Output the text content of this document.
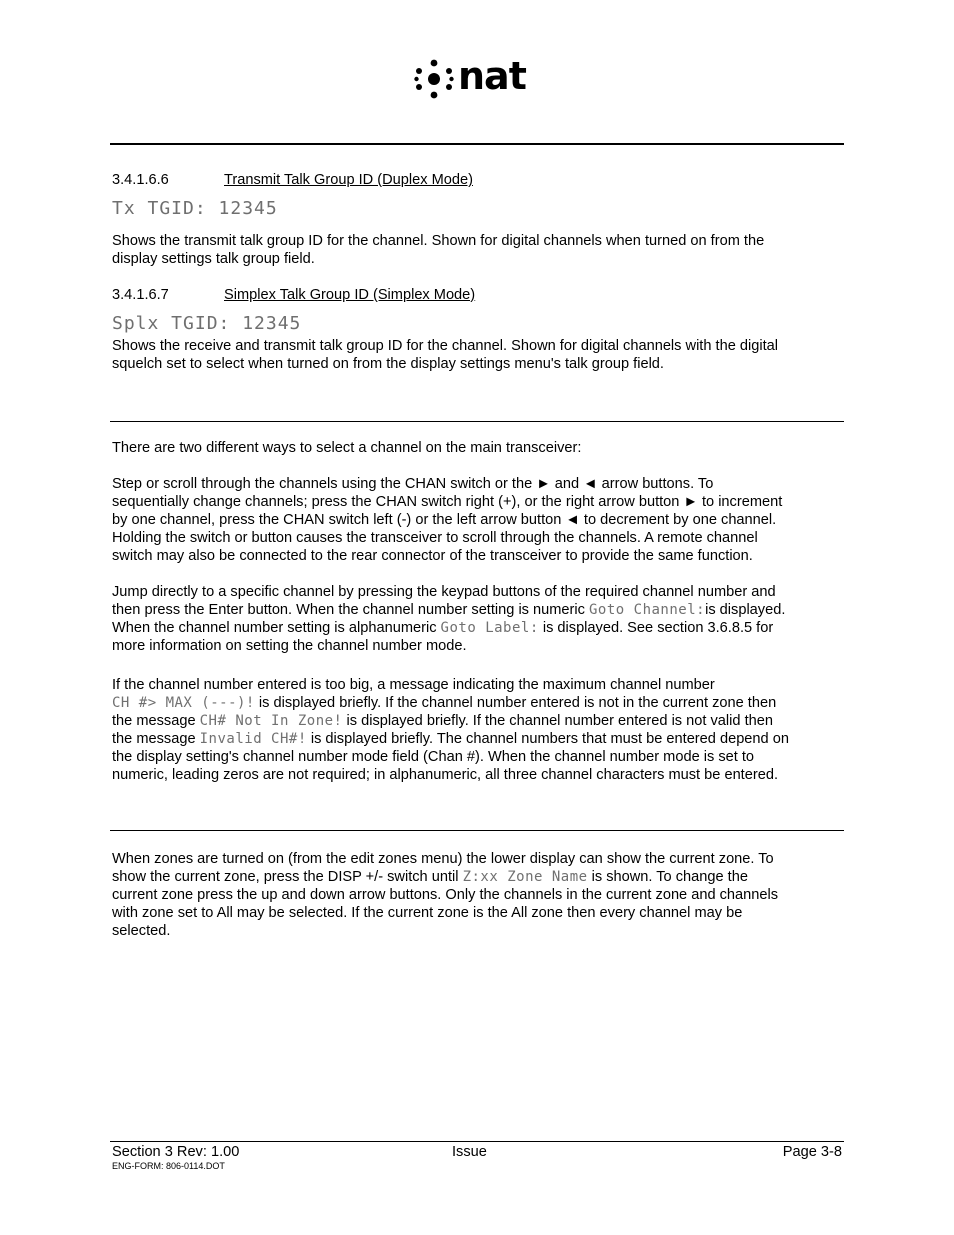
nat
3.4.1.6.6	Transmit Talk Group ID (Duplex Mode)
Tx TGID: 12345

Shows the transmit talk group ID for the channel. Shown for digital channels when turned on from the
display settings talk group field.

3.4.1.6.7	Simplex Talk Group ID (Simplex Mode)
Splx TGID: 12345

Shows the receive and transmit talk group ID for the channel. Shown for digital channels with the digital
squelch set to select when turned on from the display settings menu's talk group field.

There are two different ways to select a channel on the main transceiver:

Step or scroll through the channels using the CHAN switch or the ► and ◄ arrow buttons. To
sequentially change channels; press the CHAN switch right (+), or the right arrow button ► to increment
by one channel, press the CHAN switch left (-) or the left arrow button ◄ to decrement by one channel.
Holding the switch or button causes the transceiver to scroll through the channels. A remote channel
switch may also be connected to the rear connector of the transceiver to provide the same function.

Jump directly to a specific channel by pressing the keypad buttons of the required channel number and
then press the Enter button. When the channel number setting is numeric Goto Channel:is displayed.
When the channel number setting is alphanumeric Goto Label: is displayed. See section 3.6.8.5 for
more information on setting the channel number mode.

If the channel number entered is too big, a message indicating the maximum channel number
CH #> MAX (---)! is displayed briefly. If the channel number entered is not in the current zone then
the message CH# Not In Zone! is displayed briefly. If the channel number entered is not valid then
the message Invalid CH#! is displayed briefly. The channel numbers that must be entered depend on
the display setting's channel number mode field (Chan #). When the channel number mode is set to
numeric, leading zeros are not required; in alphanumeric, all three channel characters must be entered.

When zones are turned on (from the edit zones menu) the lower display can show the current zone. To
show the current zone, press the DISP +/- switch until Z:xx Zone Name is shown. To change the
current zone press the up and down arrow buttons. Only the channels in the current zone and channels
with zone set to All may be selected. If the current zone is the All zone then every channel may be
selected.

Section 3 Rev: 1.00	Issue	Page 3-8
ENG-FORM: 806-0114.DOT
